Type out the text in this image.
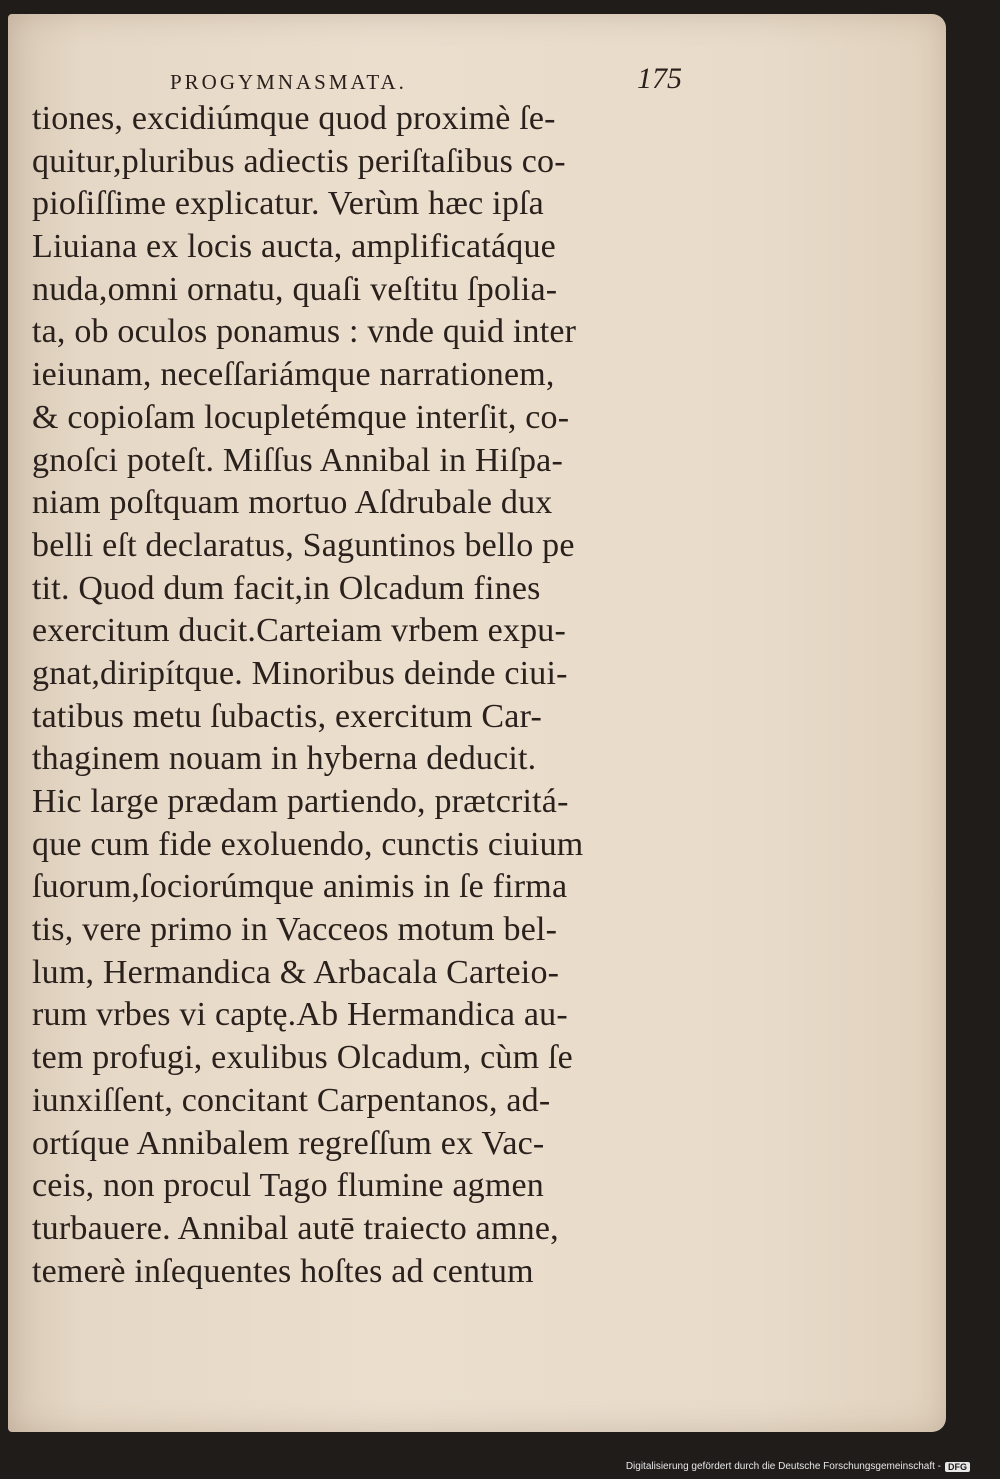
PROGYMNASMATA.	175
tiones, excidiúmque quod proximè ſe-
quitur,pluribus adiectis periſtaſibus co-
pioſiſſime explicatur. Verùm hæc ipſa
Liuiana ex locis aucta, amplificatáque
nuda,omni ornatu, quaſi veſtitu ſpolia-
ta, ob oculos ponamus : vnde quid inter
ieiunam, neceſſariámque narrationem,
& copioſam locupletémque interſit, co-
gnoſci poteſt. Miſſus Annibal in Hiſpa-
niam poſtquam mortuo Aſdrubale dux
belli eſt declaratus, Saguntinos bello pe
tit. Quod dum facit,in Olcadum fines
exercitum ducit.Carteiam vrbem expu-
gnat,diripítque. Minoribus deinde ciui-
tatibus metu ſubactis, exercitum Car-
thaginem nouam in hyberna deducit.
Hic large prædam partiendo, prætcritá-
que cum fide exoluendo, cunctis ciuium
ſuorum,ſociorúmque animis in ſe firma
tis, vere primo in Vacceos motum bel-
lum, Hermandica & Arbacala Carteio-
rum vrbes vi captę.Ab Hermandica au-
tem profugi, exulibus Olcadum, cùm ſe
iunxiſſent, concitant Carpentanos, ad-
ortíque Annibalem regreſſum ex Vac-
ceis, non procul Tago flumine agmen
turbauere. Annibal autē traiecto amne,
temerè inſequentes hoſtes ad centum
Digitalisierung gefördert durch die Deutsche Forschungsgemeinschaft - DFG
